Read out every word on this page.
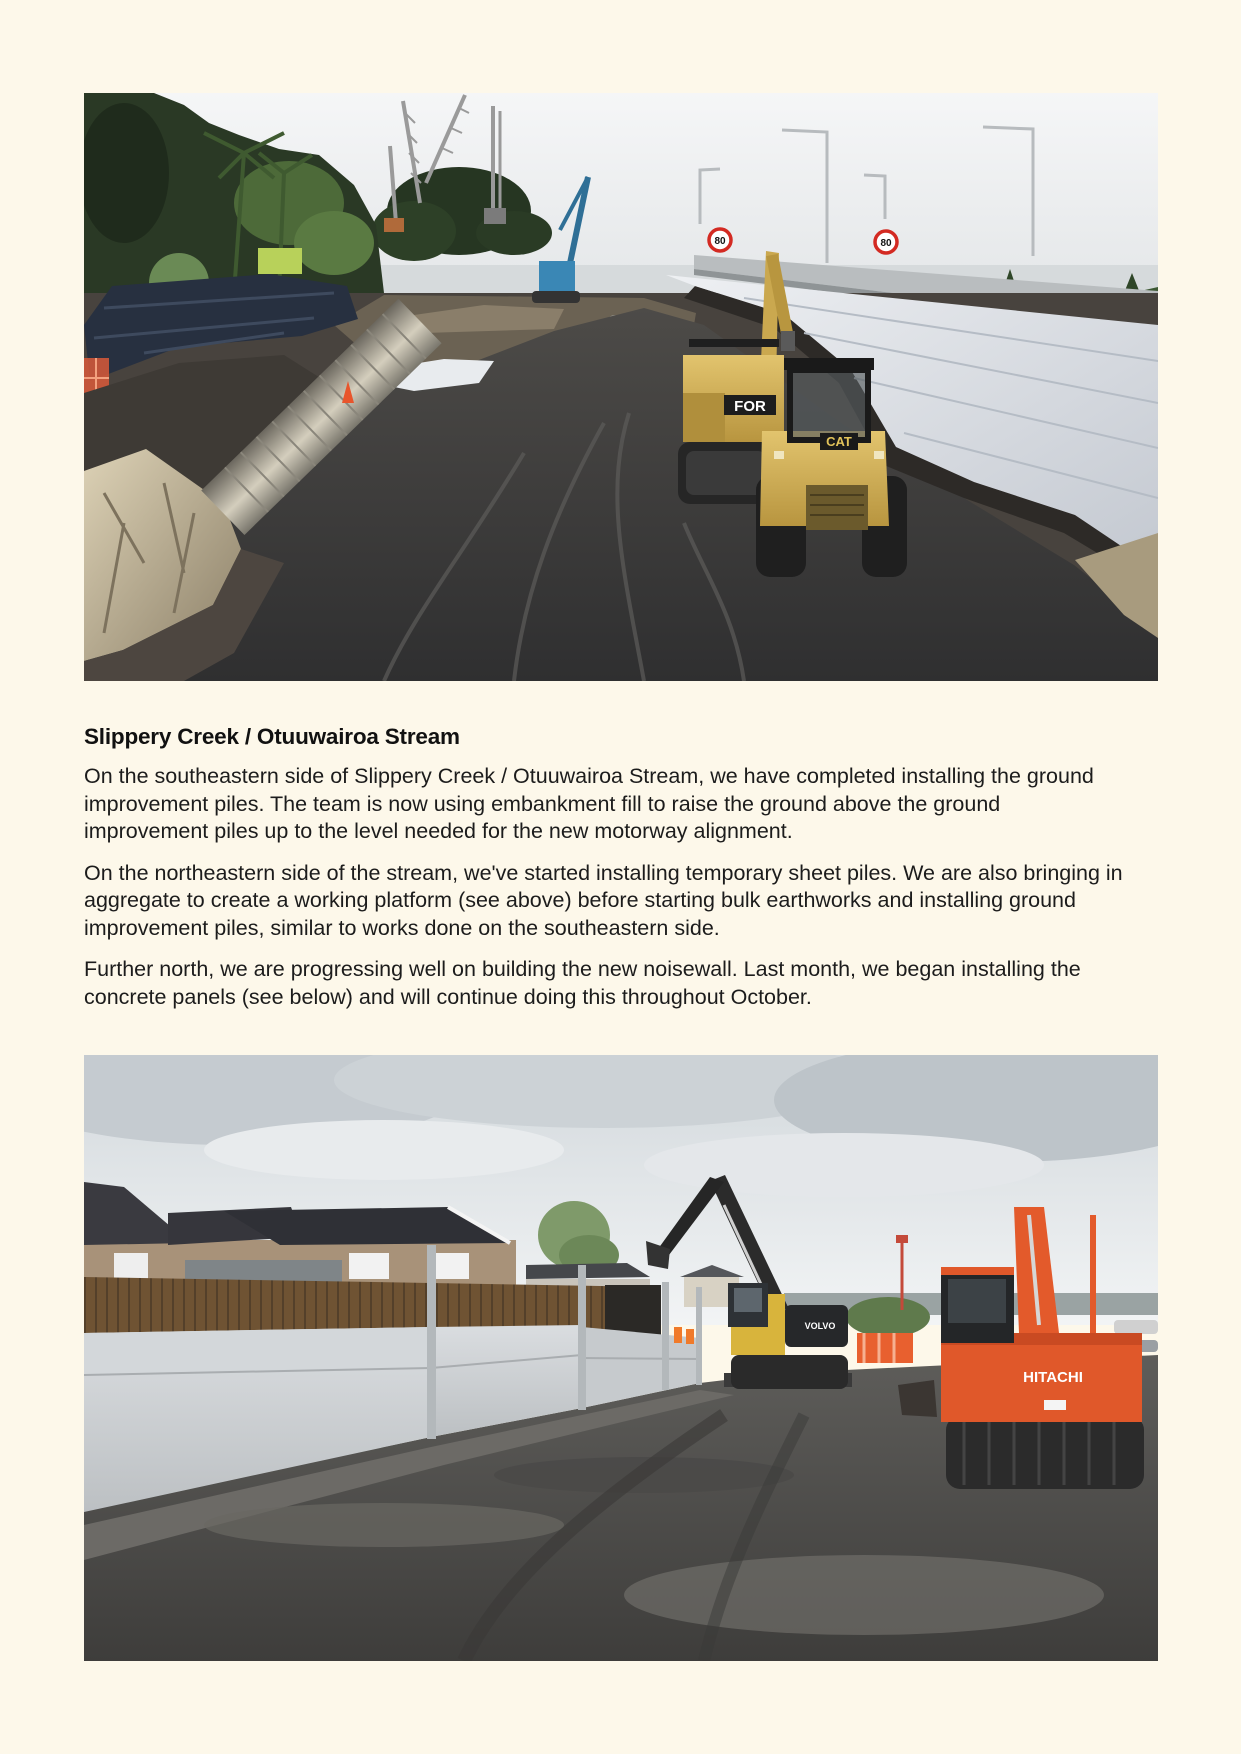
80	80
FOR
CAT
Slippery Creek / Otuuwairoa Stream

On the southeastern side of Slippery Creek / Otuuwairoa Stream, we have completed installing the ground improvement piles. The team is now using embankment fill to raise the ground above the ground improvement piles up to the level needed for the new motorway alignment.

On the northeastern side of the stream, we've started installing temporary sheet piles. We are also bringing in aggregate to create a working platform (see above) before starting bulk earthworks and installing ground improvement piles, similar to works done on the southeastern side.

Further north, we are progressing well on building the new noisewall. Last month, we began installing the concrete panels (see below) and will continue doing this throughout October.

VOLVO
HITACHI
